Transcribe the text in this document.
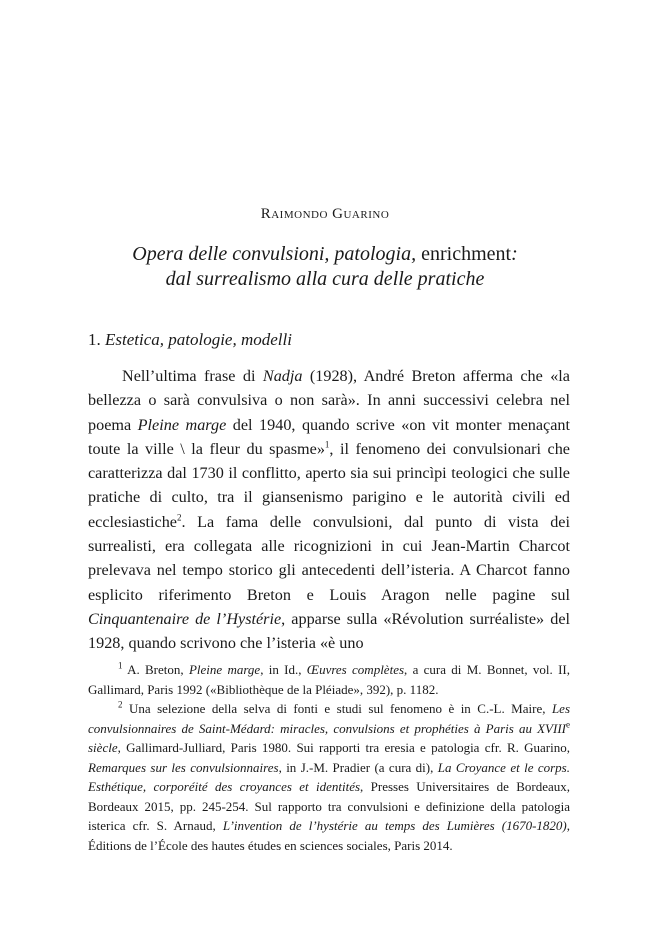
Raimondo Guarino
Opera delle convulsioni, patologia, enrichment:
dal surrealismo alla cura delle pratiche
1. Estetica, patologie, modelli

Nell’ultima frase di Nadja (1928), André Breton afferma che «la bellezza o sarà convulsiva o non sarà». In anni successivi celebra nel poema Pleine marge del 1940, quando scrive «on vit monter menaçant toute la ville \ la fleur du spasme»$^1$, il fenomeno dei convulsionari che caratterizza dal 1730 il conflitto, aperto sia sui princìpi teologici che sulle pratiche di culto, tra il giansenismo parigino e le autorità civili ed ecclesiastiche$^2$. La fama delle convulsioni, dal punto di vista dei surrealisti, era collegata alle ricognizioni in cui Jean-Martin Charcot prelevava nel tempo storico gli antecedenti dell’isteria. A Charcot fanno esplicito riferimento Breton e Louis Aragon nelle pagine sul Cinquantenaire de l’Hystérie, apparse sulla «Révolution surréaliste» del 1928, quando scrivono che l’isteria «è uno

$^1$ A. Breton, Pleine marge, in Id., Œuvres complètes, a cura di M. Bonnet, vol. II, Gallimard, Paris 1992 («Bibliothèque de la Pléiade», 392), p. 1182.

$^2$ Una selezione della selva di fonti e studi sul fenomeno è in C.-L. Maire, Les convulsionnaires de Saint-Médard: miracles, convulsions et prophéties à Paris au XVIIIe siècle, Gallimard-Julliard, Paris 1980. Sui rapporti tra eresia e patologia cfr. R. Guarino, Remarques sur les convulsionnaires, in J.-M. Pradier (a cura di), La Croyance et le corps. Esthétique, corporéité des croyances et identités, Presses Universitaires de Bordeaux, Bordeaux 2015, pp. 245-254. Sul rapporto tra convulsioni e definizione della patologia isterica cfr. S. Arnaud, L’invention de l’hystérie au temps des Lumières (1670-1820), Éditions de l’École des hautes études en sciences sociales, Paris 2014.
